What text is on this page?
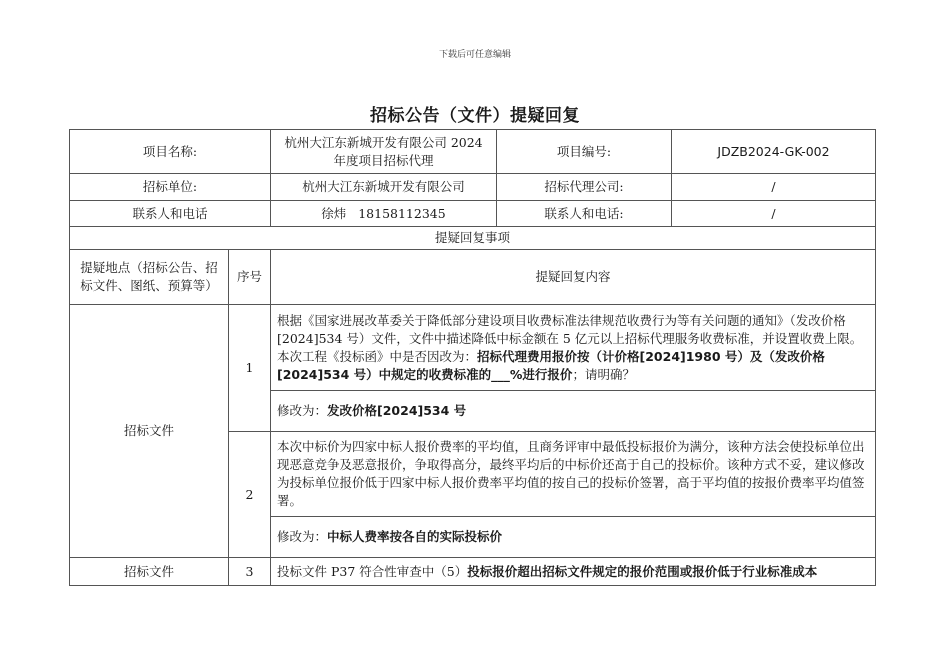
下载后可任意编辑
招标公告（文件）提疑回复
项目名称:		杭州大江东新城开发有限公司 2024 年度项目招标代理	项目编号:	JDZB2024-GK-002
招标单位:		杭州大江东新城开发有限公司	招标代理公司:	/
联系人和电话		徐炜   18158112345	联系人和电话:	/
提疑回复事项				
提疑地点（招标公告、招标文件、图纸、预算等）	序号	提疑回复内容		
招标文件	1	根据《国家进展改革委关于降低部分建设项目收费标准法律规范收费行为等有关问题的通知》（发改价格[2024]534 号）文件，文件中描述降低中标金额在 5 亿元以上招标代理服务收费标准，并设置收费上限。本次工程《投标函》中是否因改为：招标代理费用报价按（计价格[2024]1980 号）及（发改价格[2024]534 号）中规定的收费标准的___%进行报价；请明确？		
		修改为：发改价格[2024]534 号		
	2	本次中标价为四家中标人报价费率的平均值，且商务评审中最低投标报价为满分，该种方法会使投标单位出现恶意竞争及恶意报价，争取得高分，最终平均后的中标价还高于自己的投标价。该种方式不妥，建议修改为投标单位报价低于四家中标人报价费率平均值的按自己的投标价签署，高于平均值的按报价费率平均值签署。		
		修改为：中标人费率按各自的实际投标价		
招标文件	3	投标文件 P37 符合性审查中（5）投标报价超出招标文件规定的报价范围或报价低于行业标准成本		
